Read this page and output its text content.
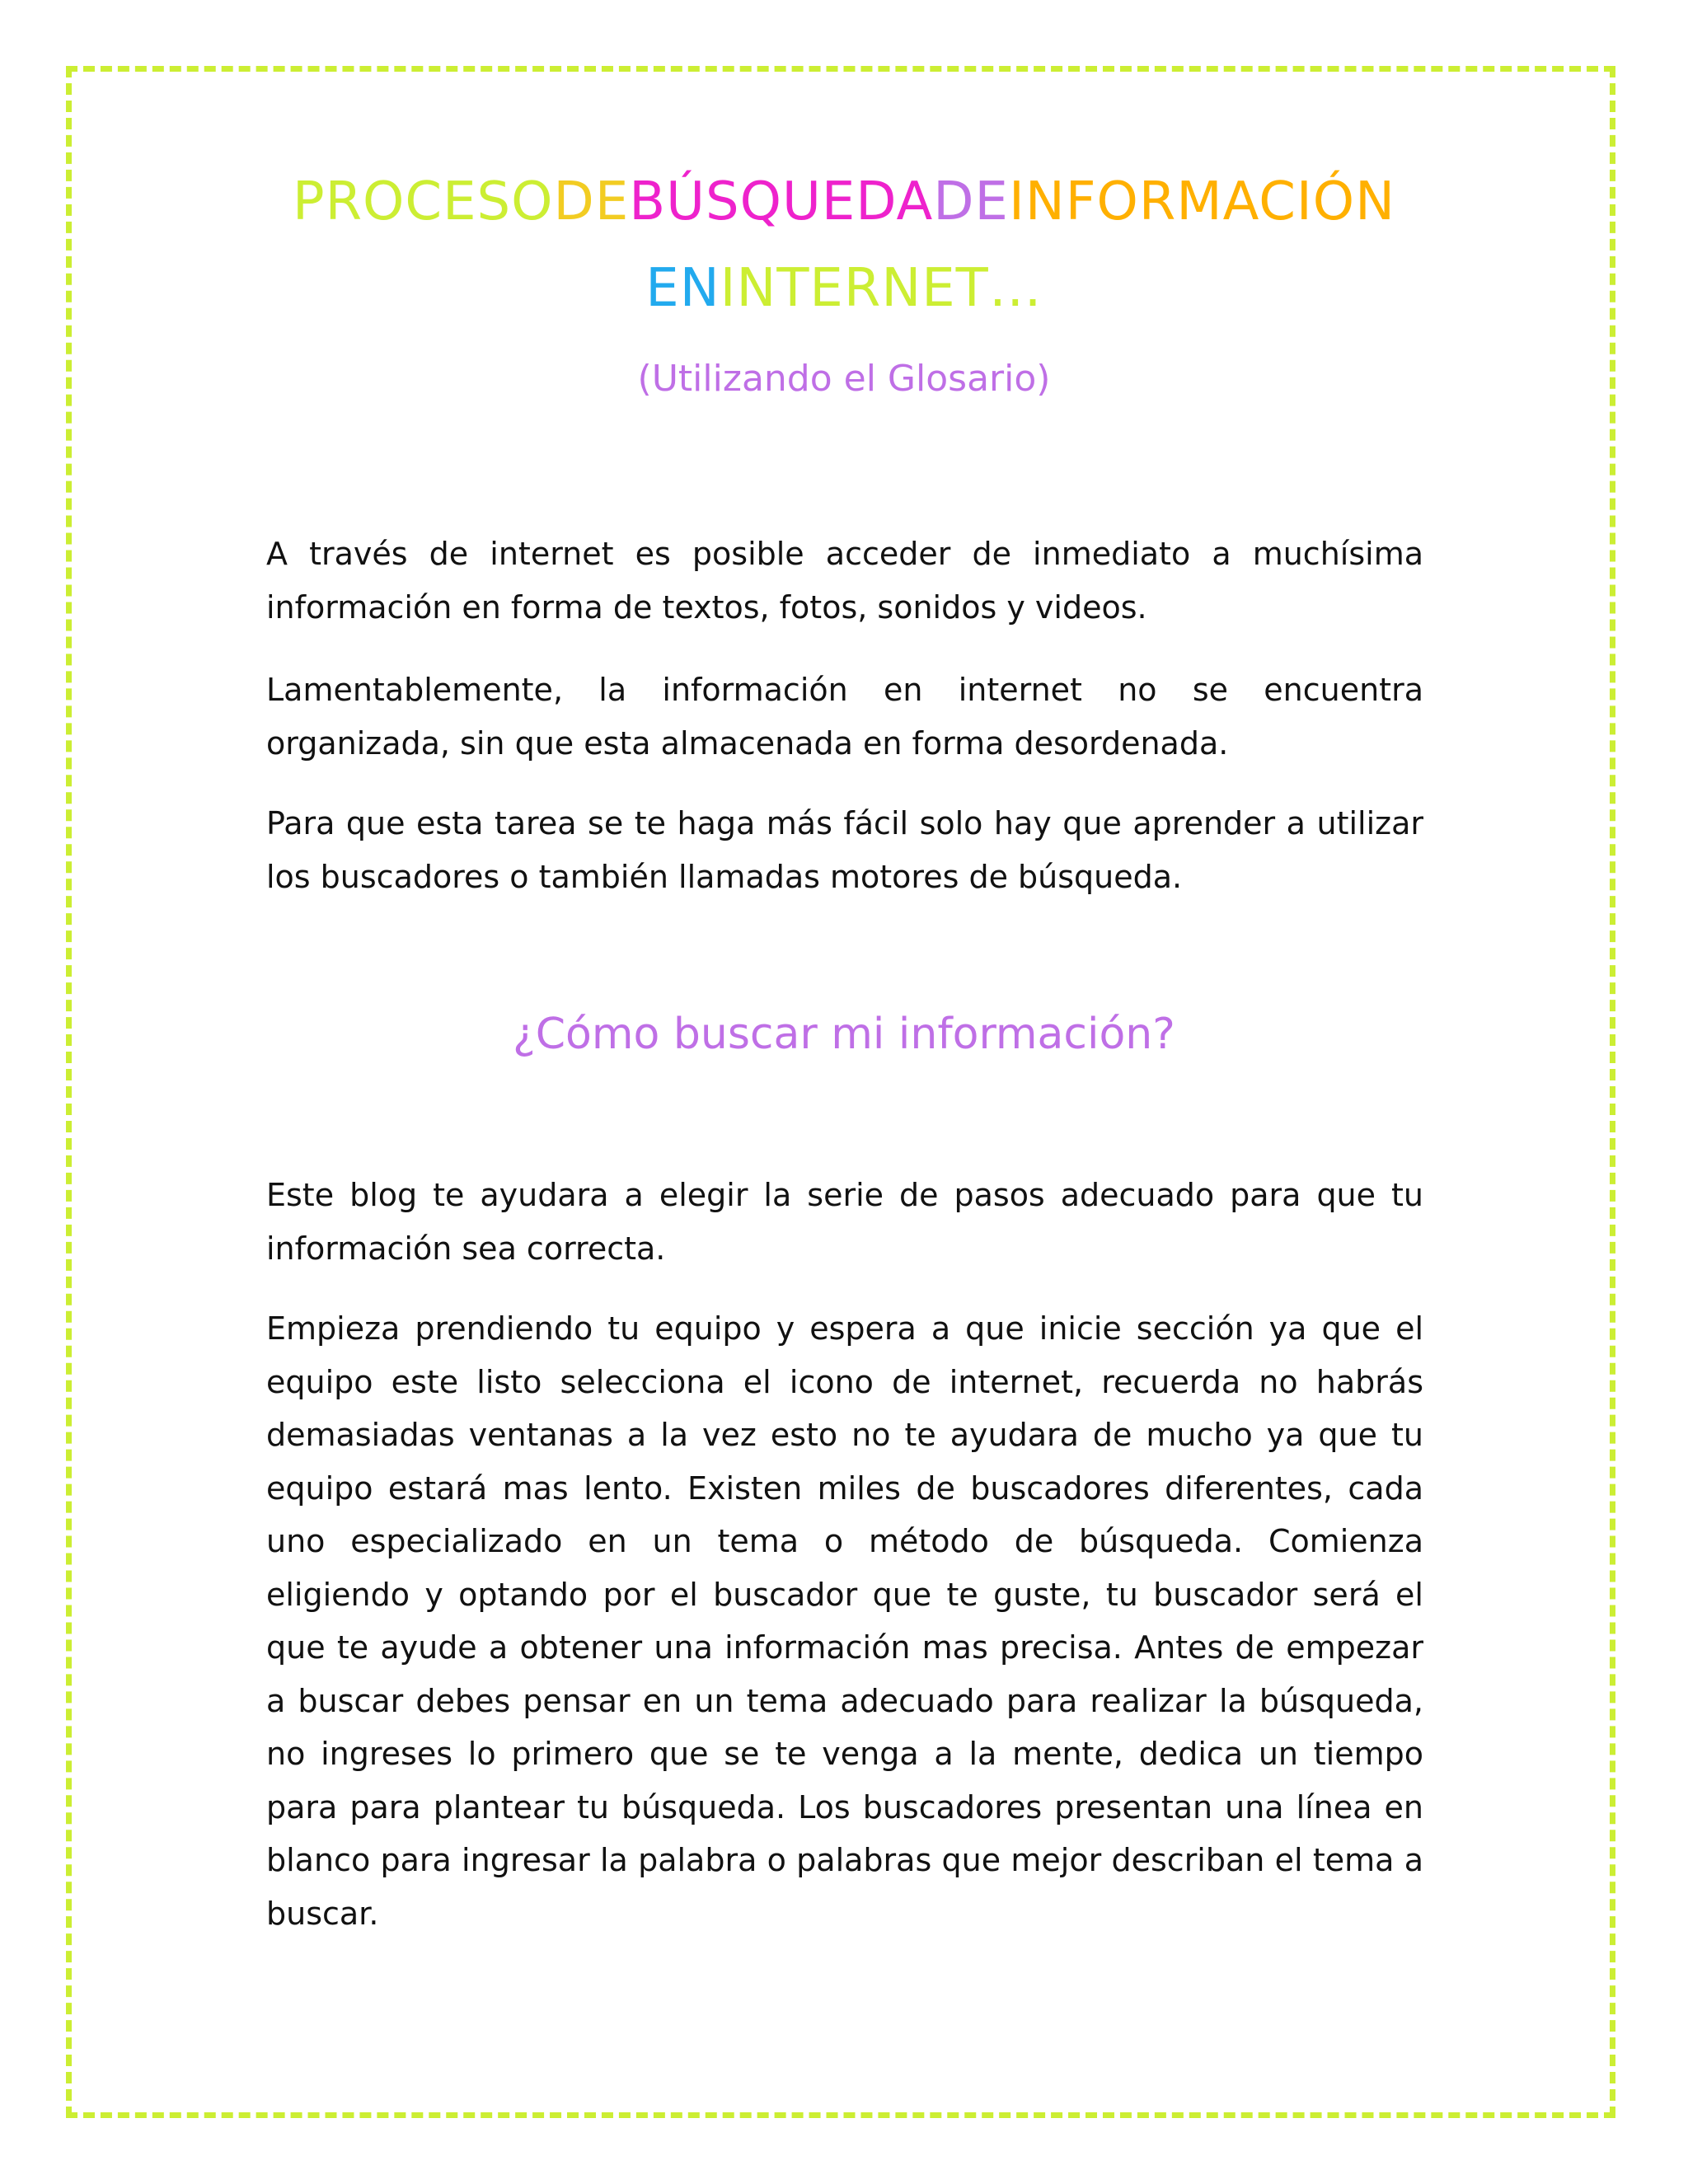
PROCESODEBÚSQUEDADEINFORMACIÓN
ENINTERNET…
(Utilizando el Glosario)

A través de internet es posible acceder de inmediato a muchísima información en forma de textos, fotos, sonidos y videos.

Lamentablemente, la información en internet no se encuentra organizada, sin que esta almacenada en forma desordenada.

Para que esta tarea se te haga más fácil solo hay que aprender a utilizar los buscadores o también llamadas motores de búsqueda.

¿Cómo buscar mi información?

Este blog te ayudara a elegir la serie de pasos adecuado para que tu información sea correcta.

Empieza prendiendo tu equipo y espera a que inicie sección ya que el equipo este listo selecciona el icono de internet, recuerda no habrás demasiadas ventanas a la vez esto no te ayudara de mucho ya que tu equipo estará mas lento. Existen miles de buscadores diferentes, cada uno especializado en un tema o método de búsqueda. Comienza eligiendo y optando por el buscador que te guste, tu buscador será el que te ayude a obtener una información mas precisa. Antes de empezar a buscar debes pensar en un tema adecuado para realizar la búsqueda, no ingreses lo primero que se te venga a la mente, dedica un tiempo para para plantear tu búsqueda. Los buscadores presentan una línea en blanco para ingresar la palabra o palabras que mejor describan el tema a buscar.
